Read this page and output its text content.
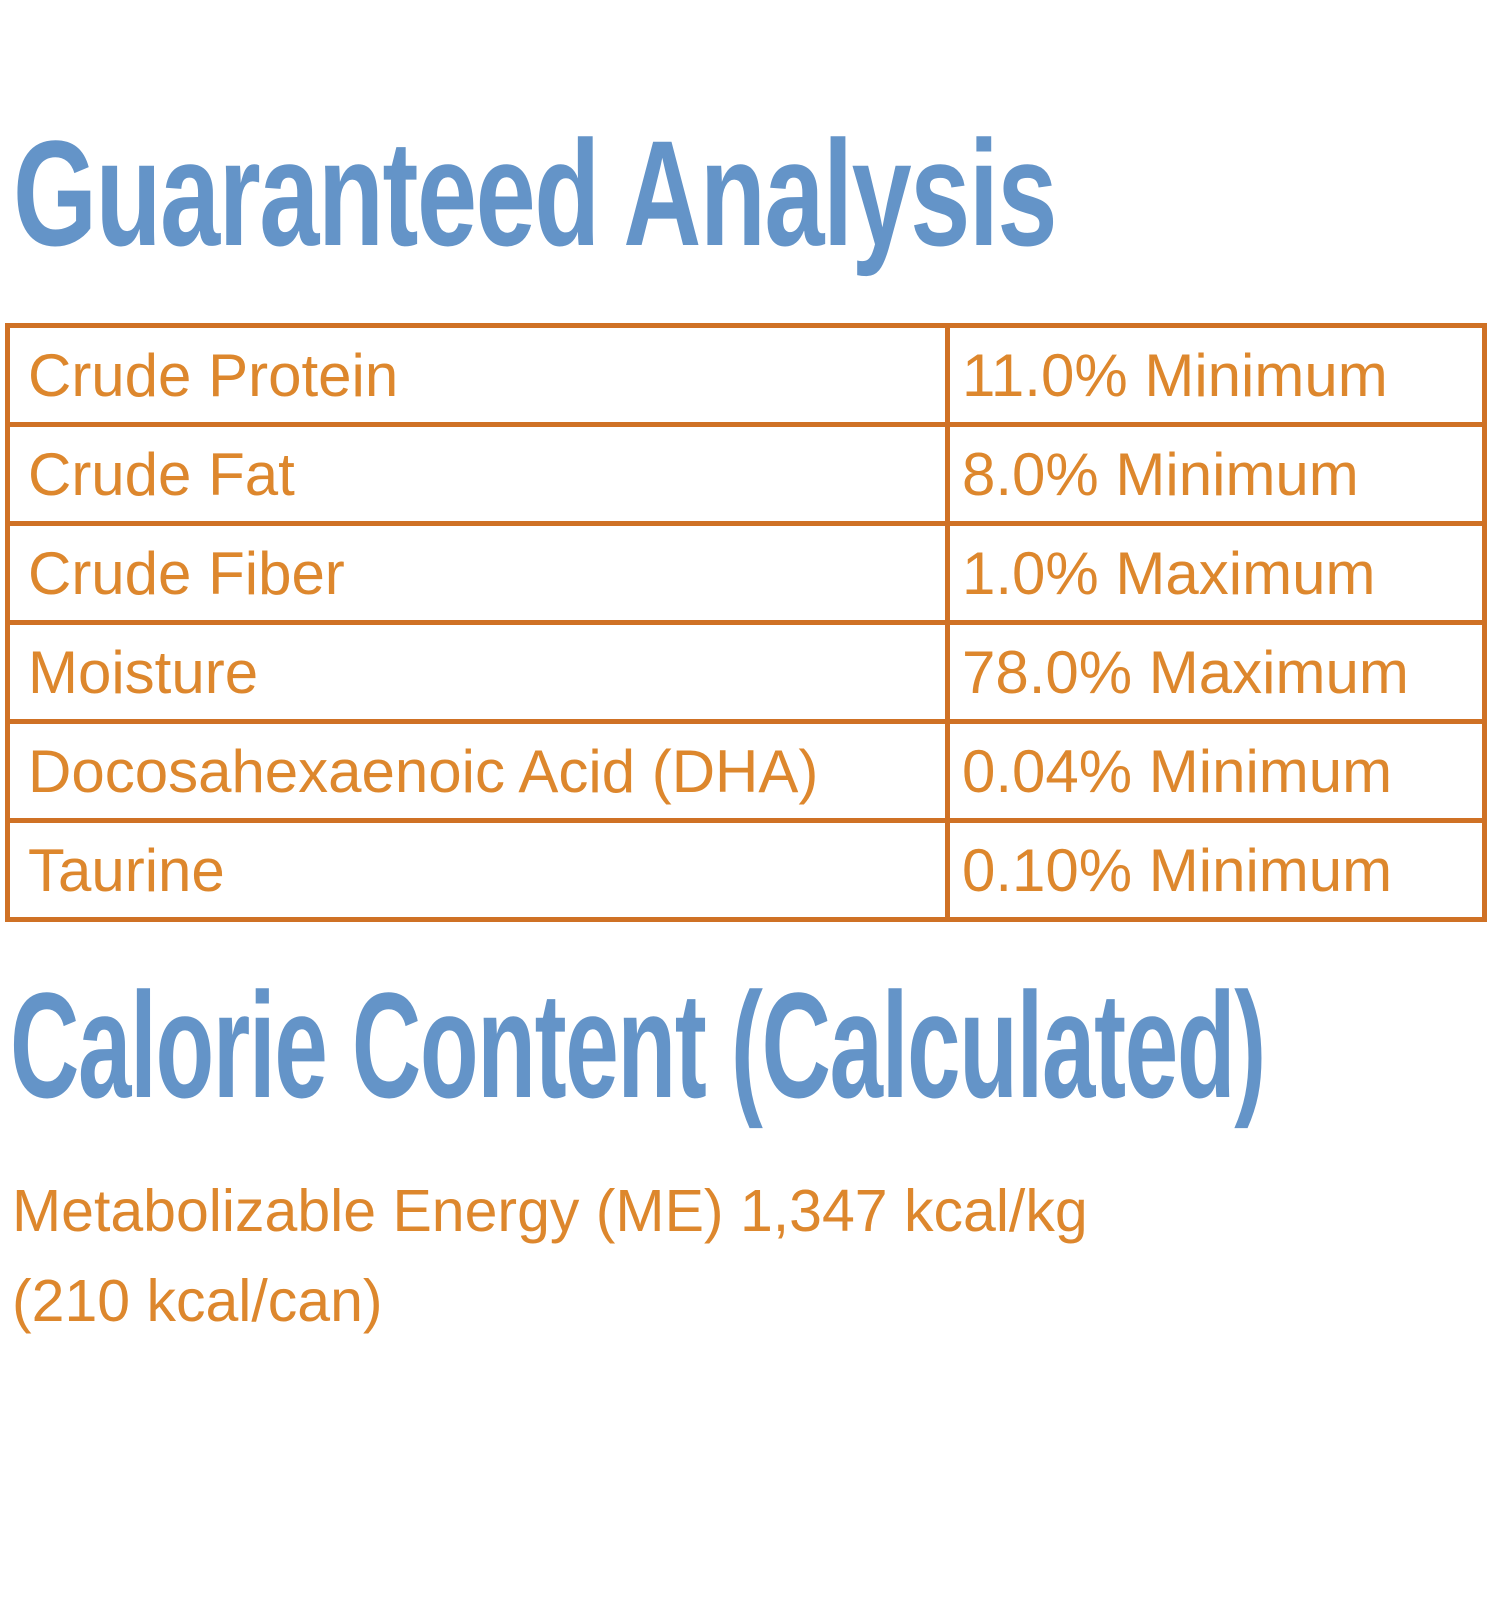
Guaranteed Analysis
Crude Protein	11.0% Minimum
Crude Fat	8.0% Minimum
Crude Fiber	1.0% Maximum
Moisture	78.0% Maximum
Docosahexaenoic Acid (DHA)	0.04% Minimum
Taurine	0.10% Minimum
Calorie Content (Calculated)
Metabolizable Energy (ME) 1,347 kcal/kg
(210 kcal/can)
